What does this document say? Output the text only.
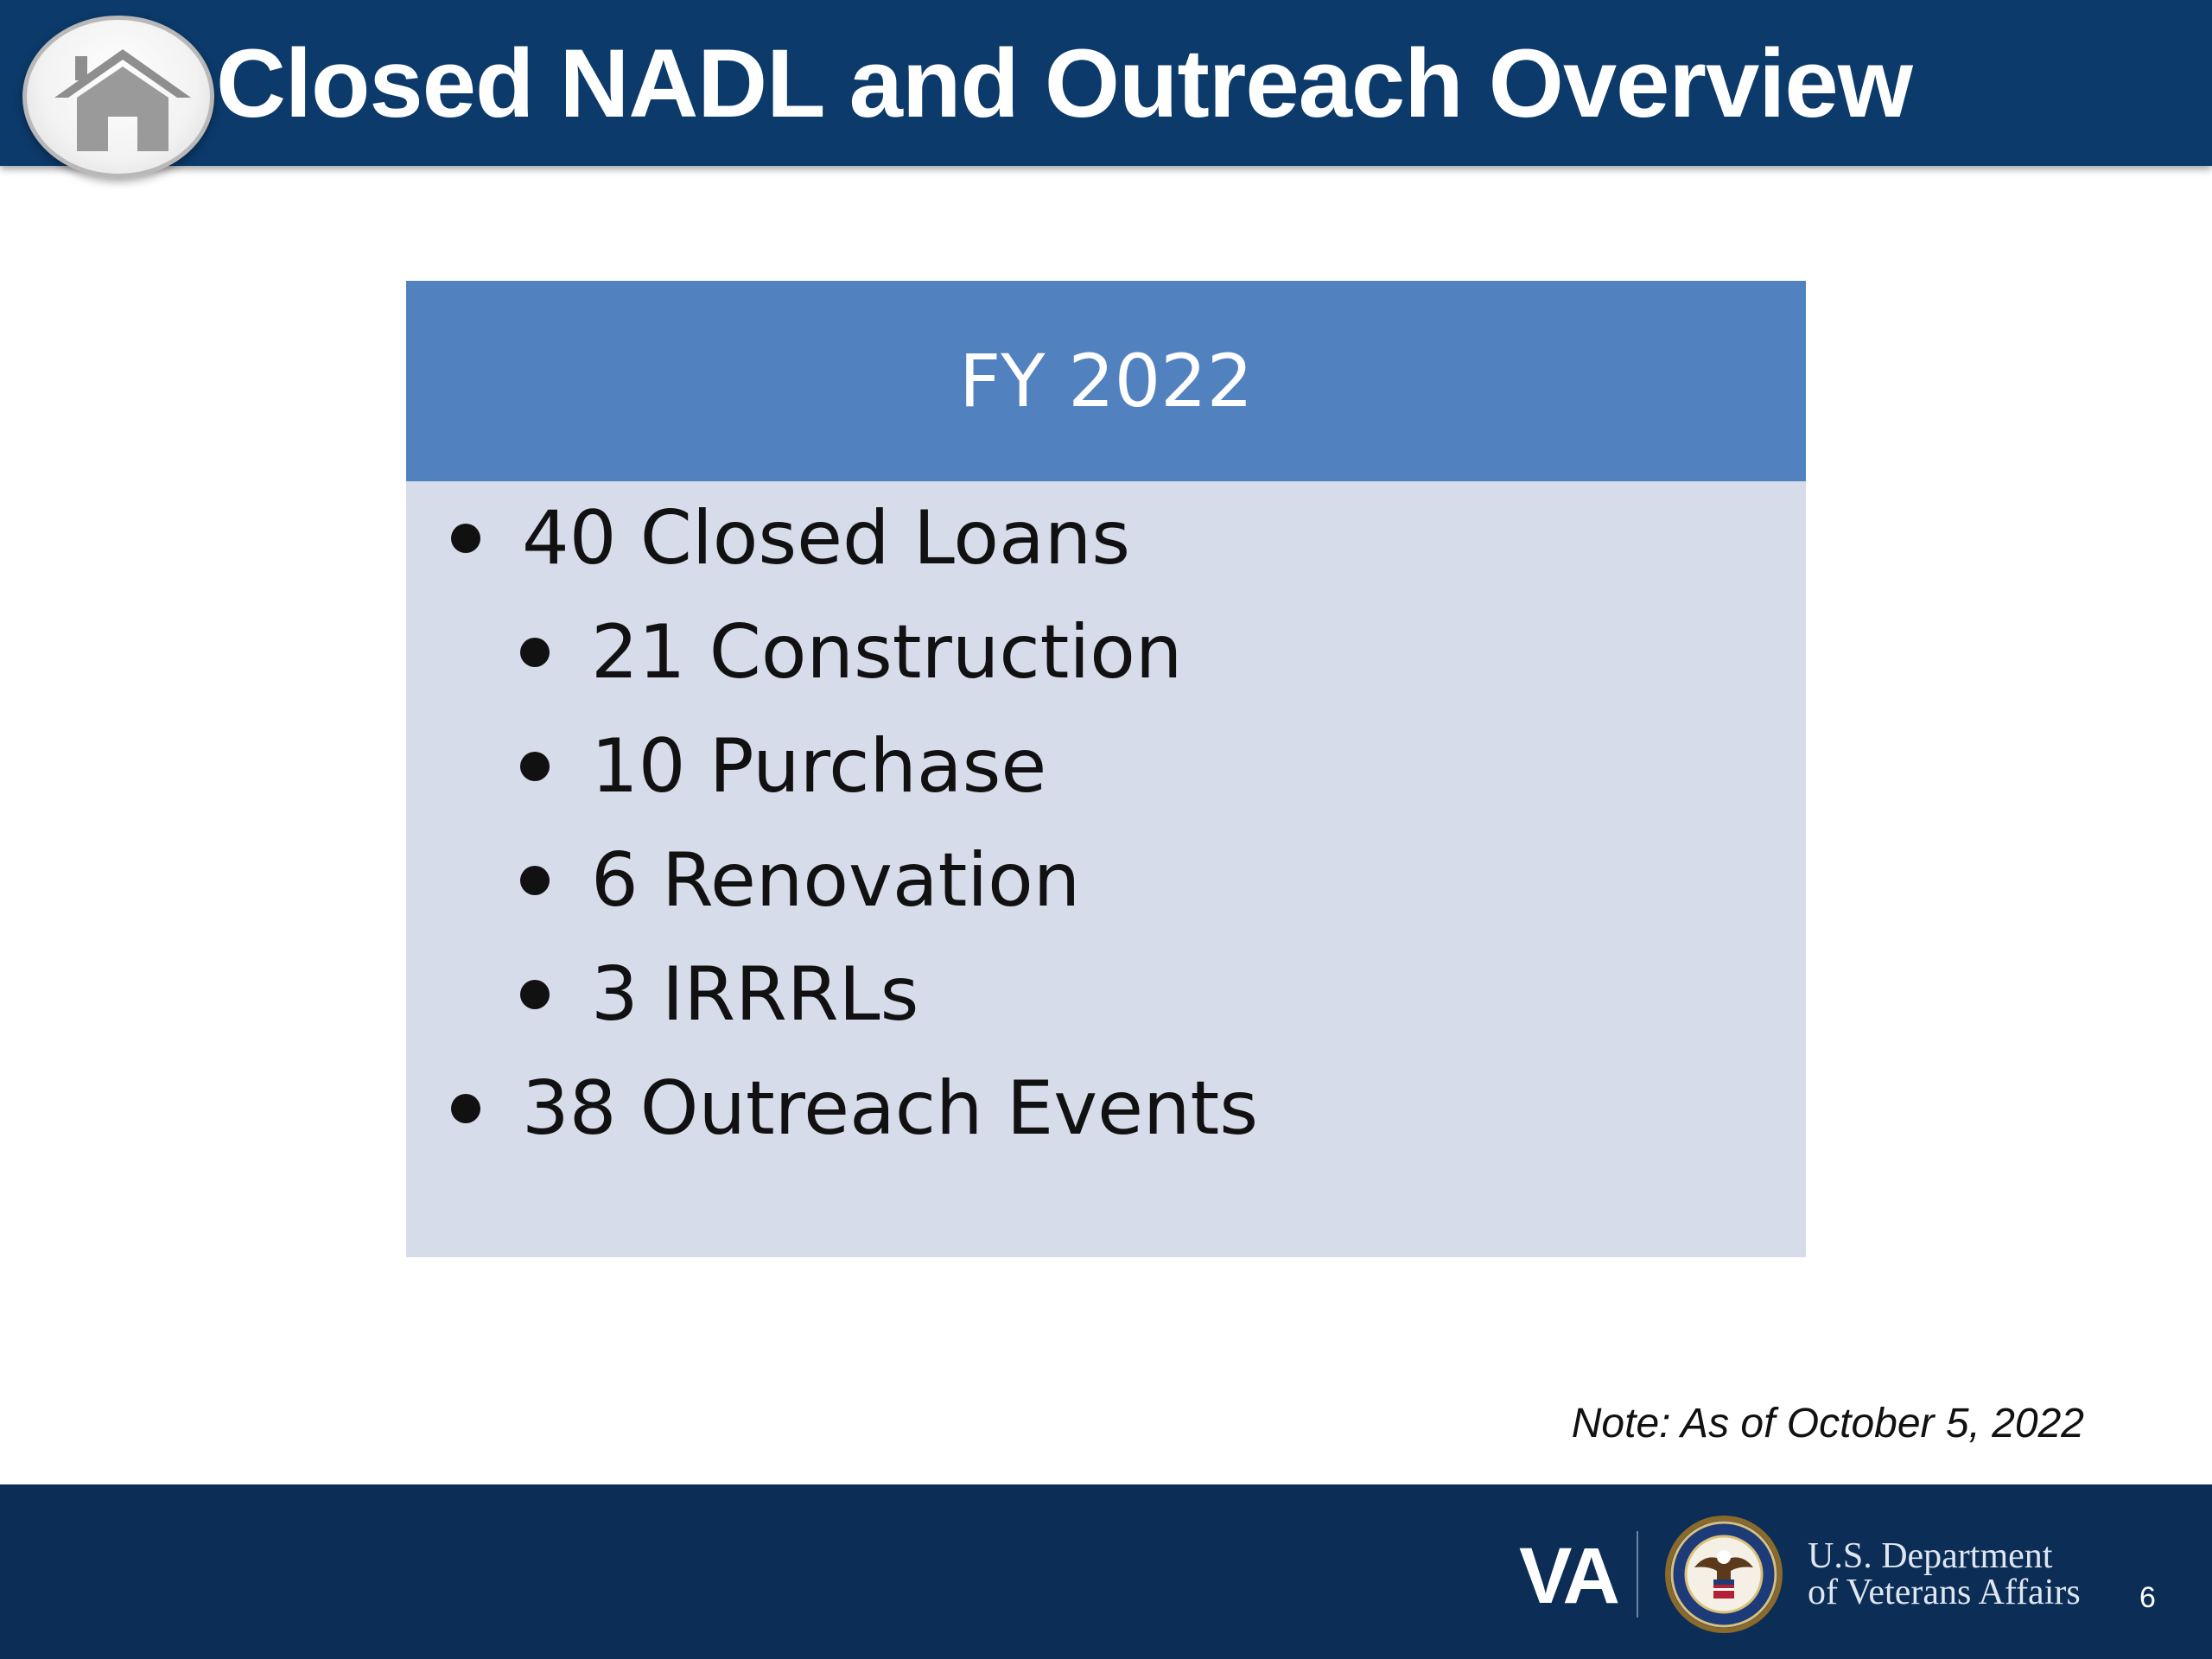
Closed NADL and Outreach Overview
FY 2022
40 Closed Loans
21 Construction
10 Purchase
6 Renovation
3 IRRRLs
38 Outreach Events
Note: As of October 5, 2022
VA	U.S. Department
of Veterans Affairs 6
